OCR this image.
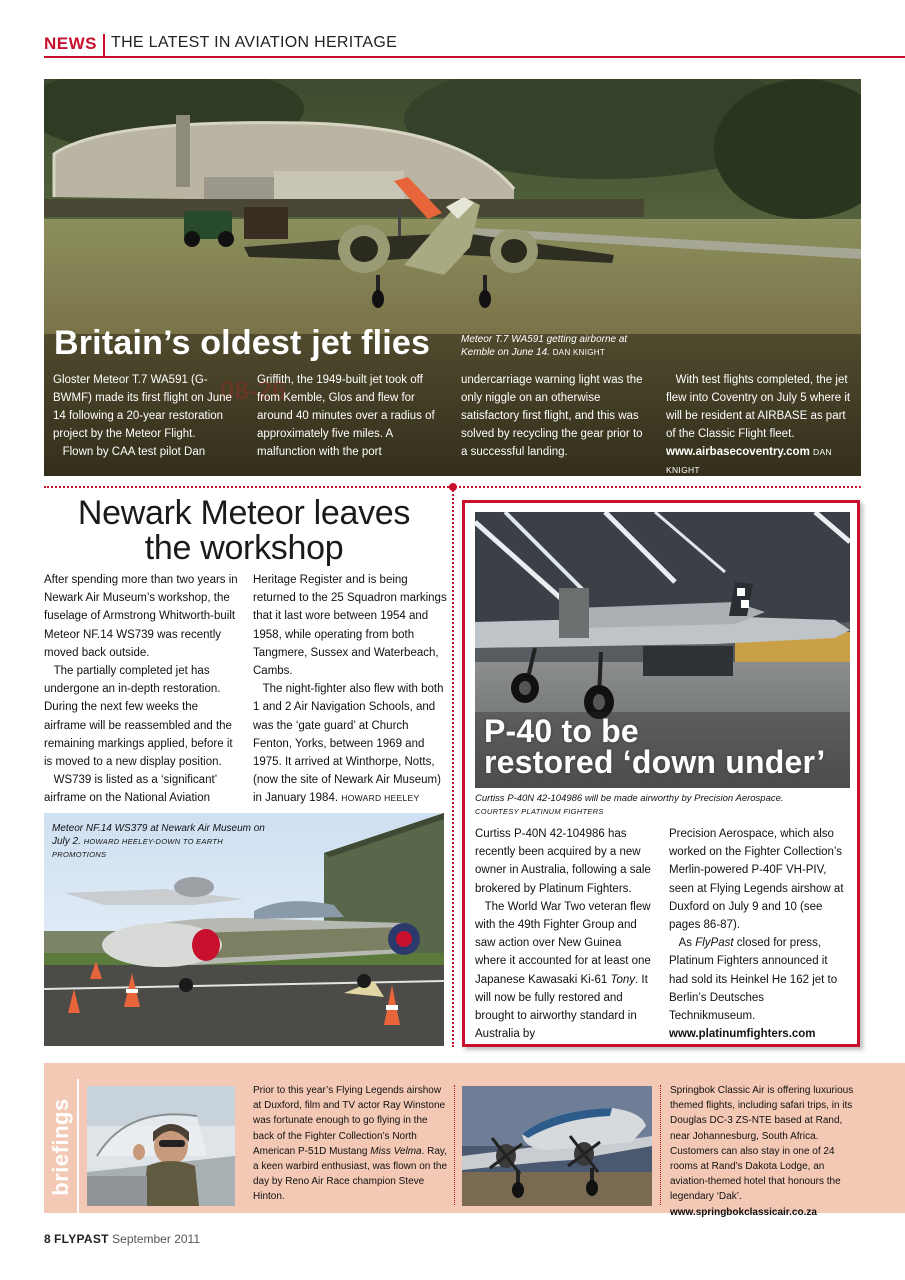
NEWS THE LATEST IN AVIATION HERITAGE
Britain’s oldest jet flies	Meteor T.7 WA591 getting airborne at Kemble on June 14. DAN KNIGHT
Gloster Meteor T.7 WA591 (G-BWMF) made its first flight on June 14 following a 20-year restoration project by the Meteor Flight.
Flown by CAA test pilot Dan
Griffith, the 1949-built jet took off from Kemble, Glos and flew for around 40 minutes over a radius of approximately five miles. A malfunction with the port
undercarriage warning light was the only niggle on an otherwise satisfactory first flight, and this was solved by recycling the gear prior to a successful landing.
With test flights completed, the jet flew into Coventry on July 5 where it will be resident at AIRBASE as part of the Classic Flight fleet. www.airbasecoventry.com DAN KNIGHT
Newark Meteor leaves
the workshop
After spending more than two years in Newark Air Museum’s workshop, the fuselage of Armstrong Whitworth-built Meteor NF.14 WS739 was recently moved back outside.
The partially completed jet has undergone an in-depth restoration. During the next few weeks the airframe will be reassembled and the remaining markings applied, before it is moved to a new display position.
WS739 is listed as a ‘significant’ airframe on the National Aviation
Heritage Register and is being returned to the 25 Squadron markings that it last wore between 1954 and 1958, while operating from both Tangmere, Sussex and Waterbeach, Cambs.
The night-fighter also flew with both 1 and 2 Air Navigation Schools, and was the ‘gate guard’ at Church Fenton, Yorks, between 1969 and 1975. It arrived at Winthorpe, Notts, (now the site of Newark Air Museum) in January 1984. HOWARD HEELEY
Meteor NF.14 WS379 at Newark Air Museum on July 2. HOWARD HEELEY-DOWN TO EARTH PROMOTIONS
P-40 to be
restored ‘down under’
Curtiss P-40N 42-104986 will be made airworthy by Precision Aerospace.
COURTESY PLATINUM FIGHTERS
Curtiss P-40N 42-104986 has recently been acquired by a new owner in Australia, following a sale brokered by Platinum Fighters.
The World War Two veteran flew with the 49th Fighter Group and saw action over New Guinea where it accounted for at least one Japanese Kawasaki Ki-61 Tony. It will now be fully restored and brought to airworthy standard in Australia by
Precision Aerospace, which also worked on the Fighter Collection’s Merlin-powered P-40F VH-PIV, seen at Flying Legends airshow at Duxford on July 9 and 10 (see pages 86-87).
As FlyPast closed for press, Platinum Fighters announced it had sold its Heinkel He 162 jet to Berlin’s Deutsches Technikmuseum.
www.platinumfighters.com
briefings
Prior to this year’s Flying Legends airshow at Duxford, film and TV actor Ray Winstone was fortunate enough to go flying in the back of the Fighter Collection’s North American P-51D Mustang Miss Velma. Ray, a keen warbird enthusiast, was flown on the day by Reno Air Race champion Steve Hinton.
Springbok Classic Air is offering luxurious themed flights, including safari trips, in its Douglas DC-3 ZS-NTE based at Rand, near Johannesburg, South Africa. Customers can also stay in one of 24 rooms at Rand’s Dakota Lodge, an aviation-themed hotel that honours the legendary ‘Dak’.
www.springbokclassicair.co.za
8 FLYPAST September 2011
